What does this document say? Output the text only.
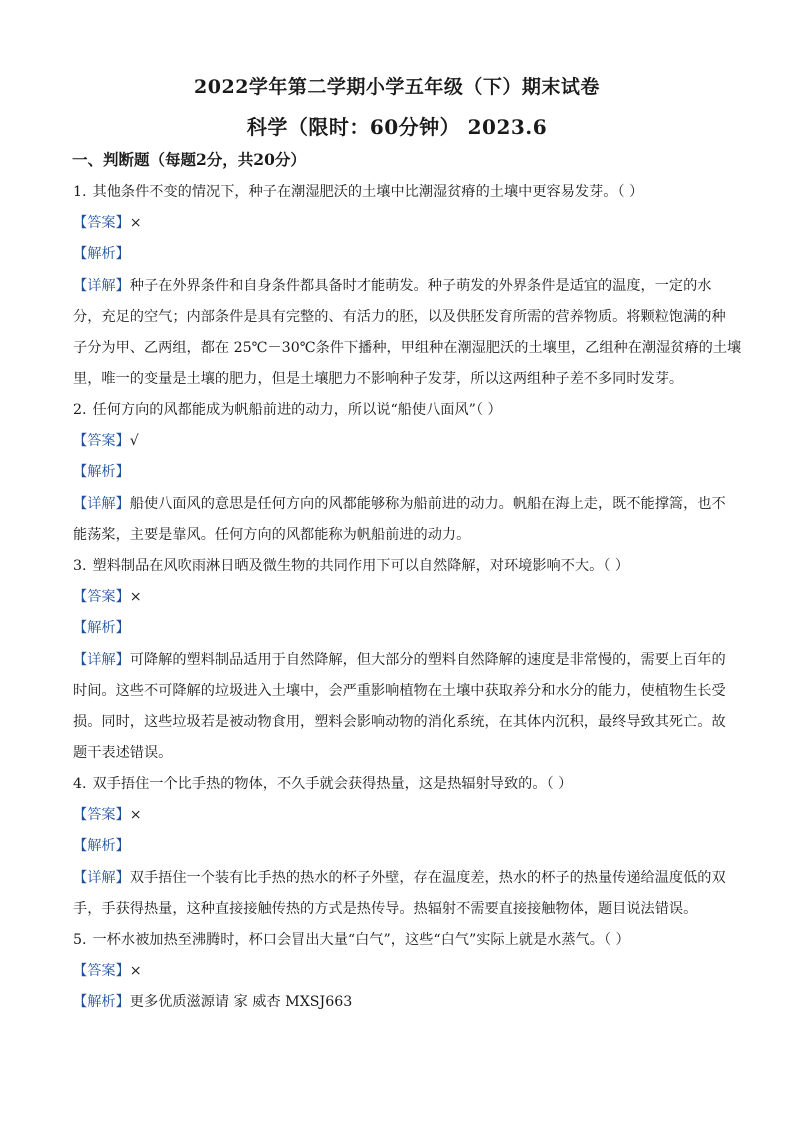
2022学年第二学期小学五年级（下）期末试卷
科学（限时：60分钟） 2023.6
一、判断题（每题2分，共20分）
1. 其他条件不变的情况下，种子在潮湿肥沃的土壤中比潮湿贫瘠的土壤中更容易发芽。（ ）
【答案】×
【解析】
【详解】种子在外界条件和自身条件都具备时才能萌发。种子萌发的外界条件是适宜的温度，一定的水
分，充足的空气；内部条件是具有完整的、有活力的胚，以及供胚发育所需的营养物质。将颗粒饱满的种
子分为甲、乙两组，都在 25℃－30℃条件下播种，甲组种在潮湿肥沃的土壤里，乙组种在潮湿贫瘠的土壤
里，唯一的变量是土壤的肥力，但是土壤肥力不影响种子发芽，所以这两组种子差不多同时发芽。
2. 任何方向的风都能成为帆船前进的动力，所以说“船使八面风”（ ）
【答案】√
【解析】
【详解】船使八面风的意思是任何方向的风都能够称为船前进的动力。帆船在海上走，既不能撑篙，也不
能荡桨，主要是靠风。任何方向的风都能称为帆船前进的动力。
3. 塑料制品在风吹雨淋日晒及微生物的共同作用下可以自然降解，对环境影响不大。（ ）
【答案】×
【解析】
【详解】可降解的塑料制品适用于自然降解，但大部分的塑料自然降解的速度是非常慢的，需要上百年的
时间。这些不可降解的垃圾进入土壤中，会严重影响植物在土壤中获取养分和水分的能力，使植物生长受
损。同时，这些垃圾若是被动物食用，塑料会影响动物的消化系统，在其体内沉积，最终导致其死亡。故
题干表述错误。
4. 双手捂住一个比手热的物体，不久手就会获得热量，这是热辐射导致的。（ ）
【答案】×
【解析】
【详解】双手捂住一个装有比手热的热水的杯子外壁，存在温度差，热水的杯子的热量传递给温度低的双
手，手获得热量，这种直接接触传热的方式是热传导。热辐射不需要直接接触物体，题目说法错误。
5. 一杯水被加热至沸腾时，杯口会冒出大量“白气”，这些“白气”实际上就是水蒸气。（ ）
【答案】×
【解析】更多优质滋源请 家 威杏 MXSJ663
